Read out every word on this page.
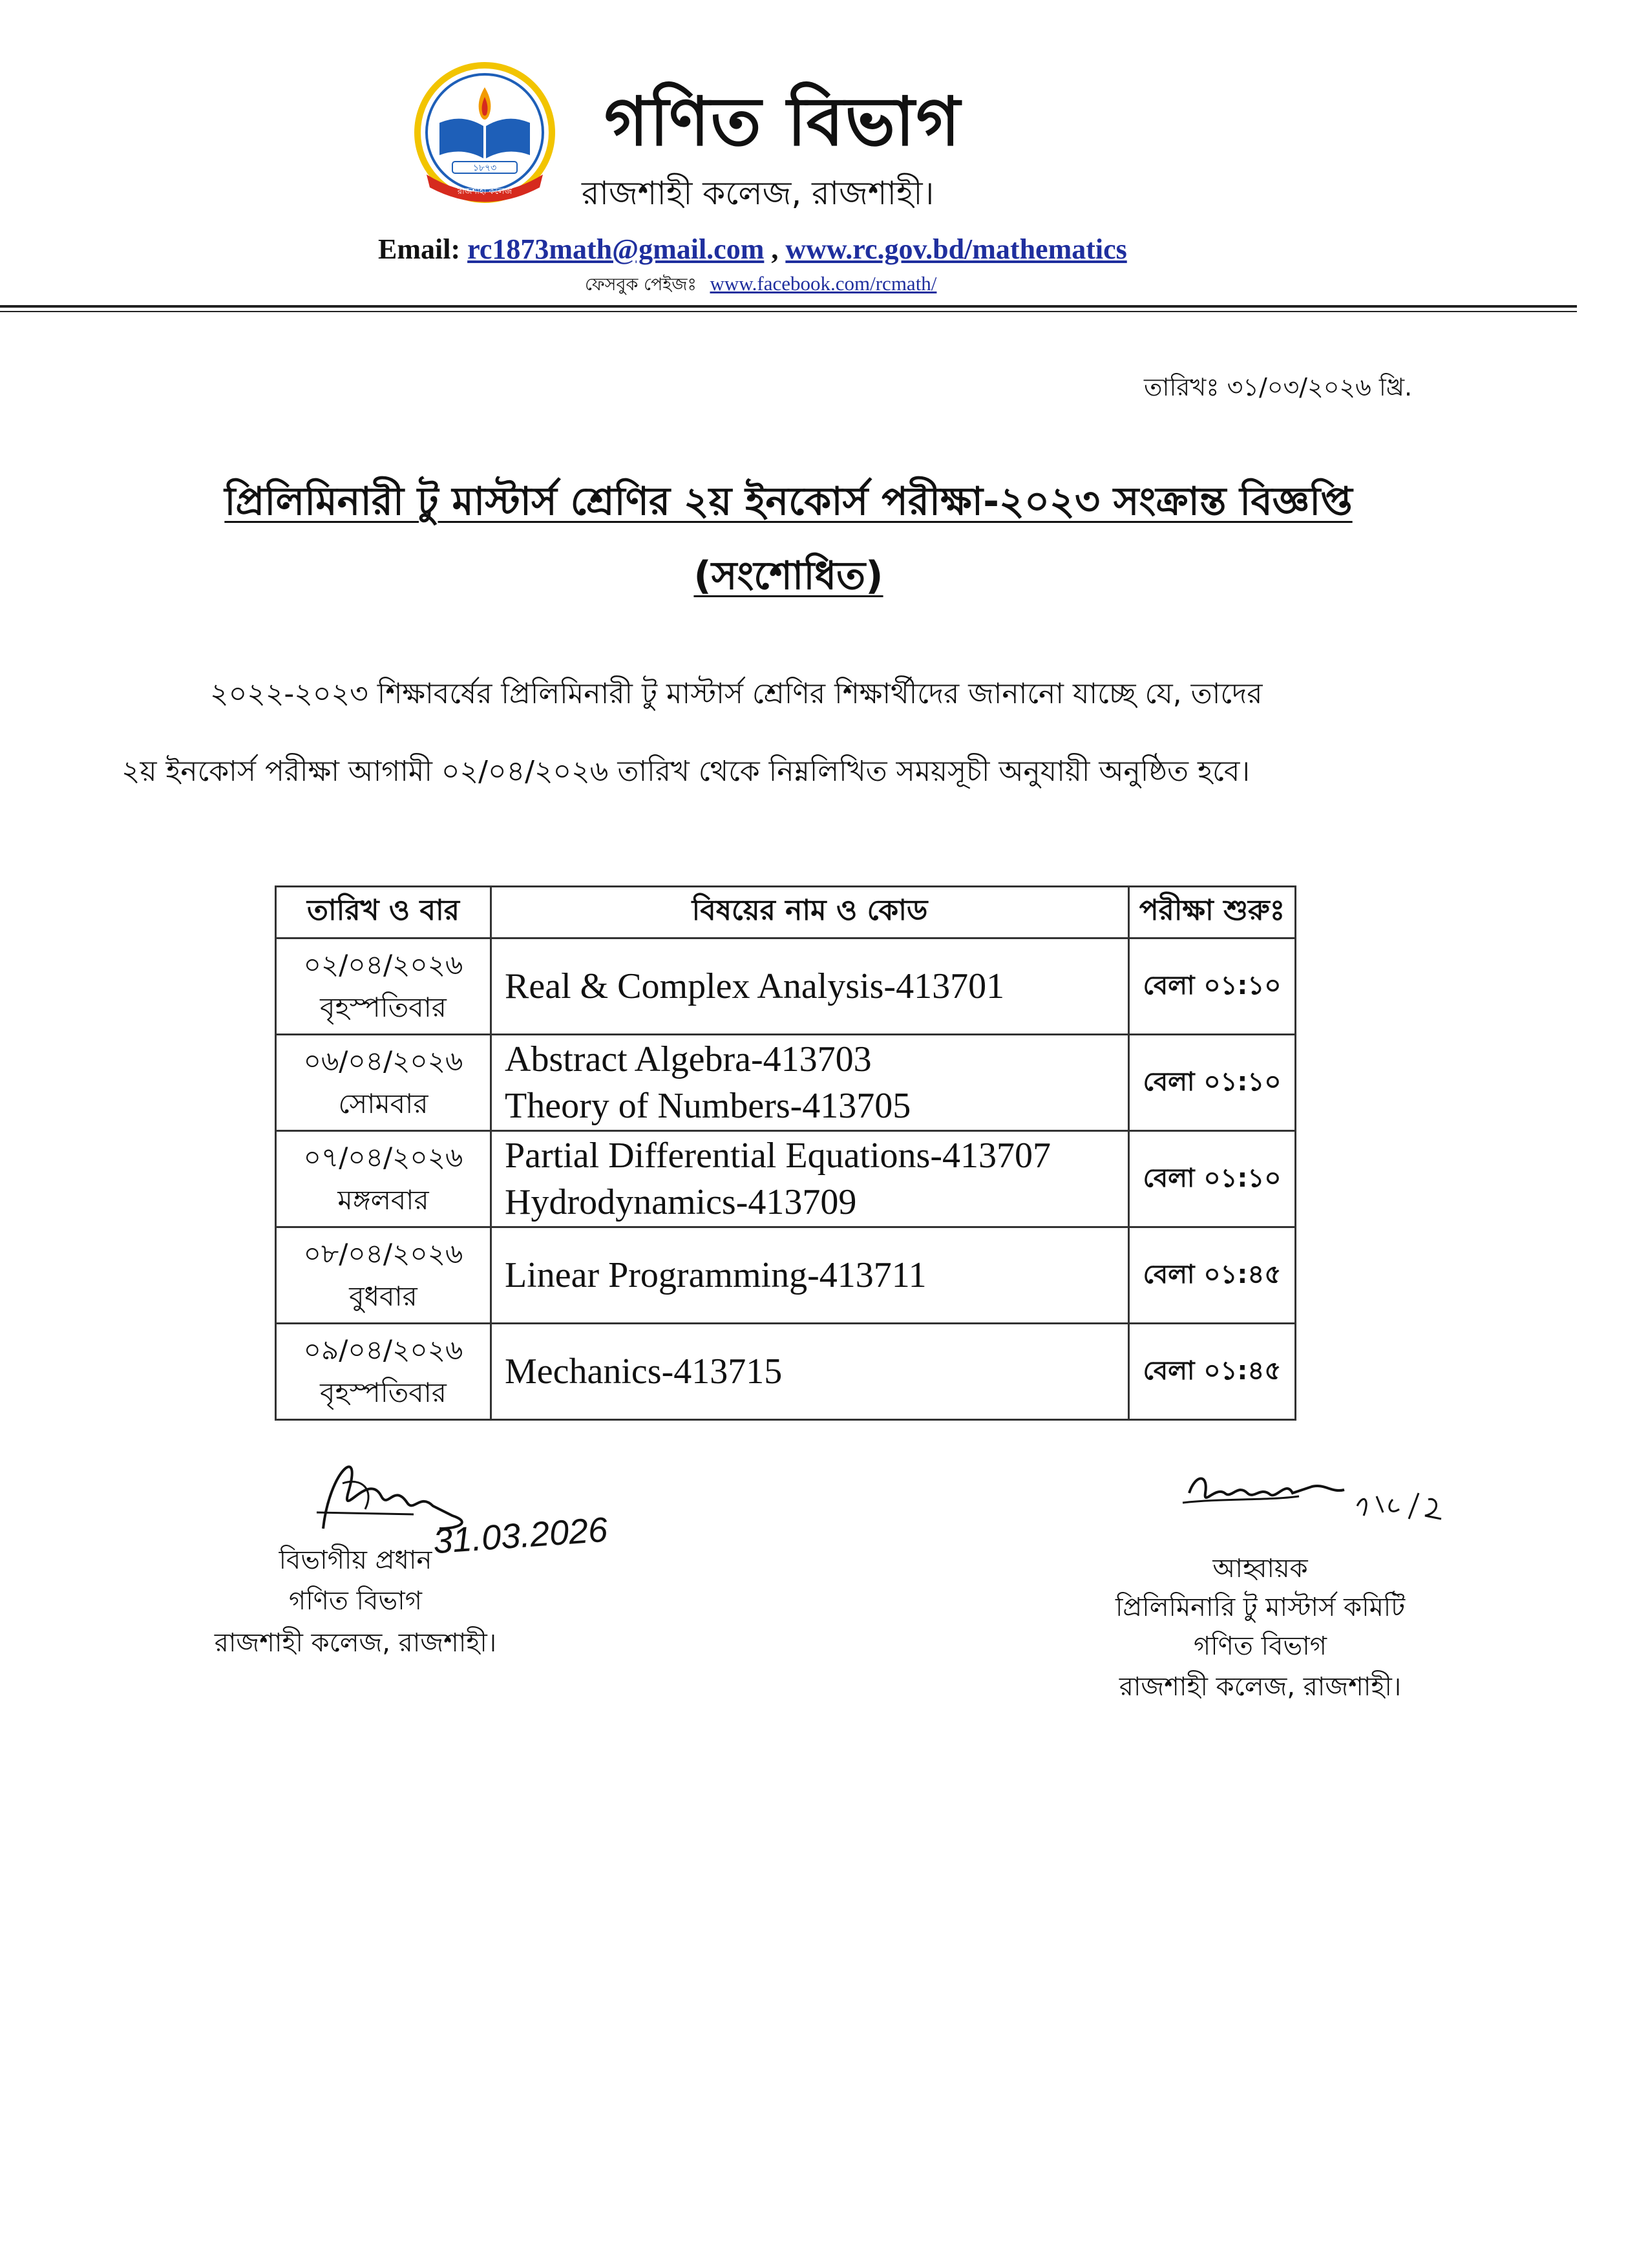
১৮৭৩
রাজশাহী কলেজ
গণিত বিভাগ
রাজশাহী কলেজ, রাজশাহী।
Email: rc1873math@gmail.com , www.rc.gov.bd/mathematics
ফেসবুক পেইজঃ www.facebook.com/rcmath/
তারিখঃ ৩১/০৩/২০২৬ খ্রি.
প্রিলিমিনারী টু মাস্টার্স শ্রেণির ২য় ইনকোর্স পরীক্ষা-২০২৩ সংক্রান্ত বিজ্ঞপ্তি
(সংশোধিত)
২০২২-২০২৩ শিক্ষাবর্ষের প্রিলিমিনারী টু মাস্টার্স শ্রেণির শিক্ষার্থীদের জানানো যাচ্ছে যে, তাদের
২য় ইনকোর্স পরীক্ষা আগামী ০২/০৪/২০২৬ তারিখ থেকে নিম্নলিখিত সময়সূচী অনুযায়ী অনুষ্ঠিত হবে।
তারিখ ও বার	বিষয়ের নাম ও কোড	পরীক্ষা শুরুঃ

০২/০৪/২০২৬
বৃহস্পতিবার	Real & Complex Analysis-413701	বেলা ০১:১০

০৬/০৪/২০২৬
সোমবার	Abstract Algebra-413703
Theory of Numbers-413705	বেলা ০১:১০

০৭/০৪/২০২৬
মঙ্গলবার	Partial Differential Equations-413707
Hydrodynamics-413709	বেলা ০১:১০

০৮/০৪/২০২৬
বুধবার	Linear Programming-413711	বেলা ০১:৪৫

০৯/০৪/২০২৬
বৃহস্পতিবার	Mechanics-413715	বেলা ০১:৪৫
31.03.2026
বিভাগীয় প্রধান
গণিত বিভাগ
রাজশাহী কলেজ, রাজশাহী।
আহ্বায়ক
প্রিলিমিনারি টু মাস্টার্স কমিটি
গণিত বিভাগ
রাজশাহী কলেজ, রাজশাহী।
